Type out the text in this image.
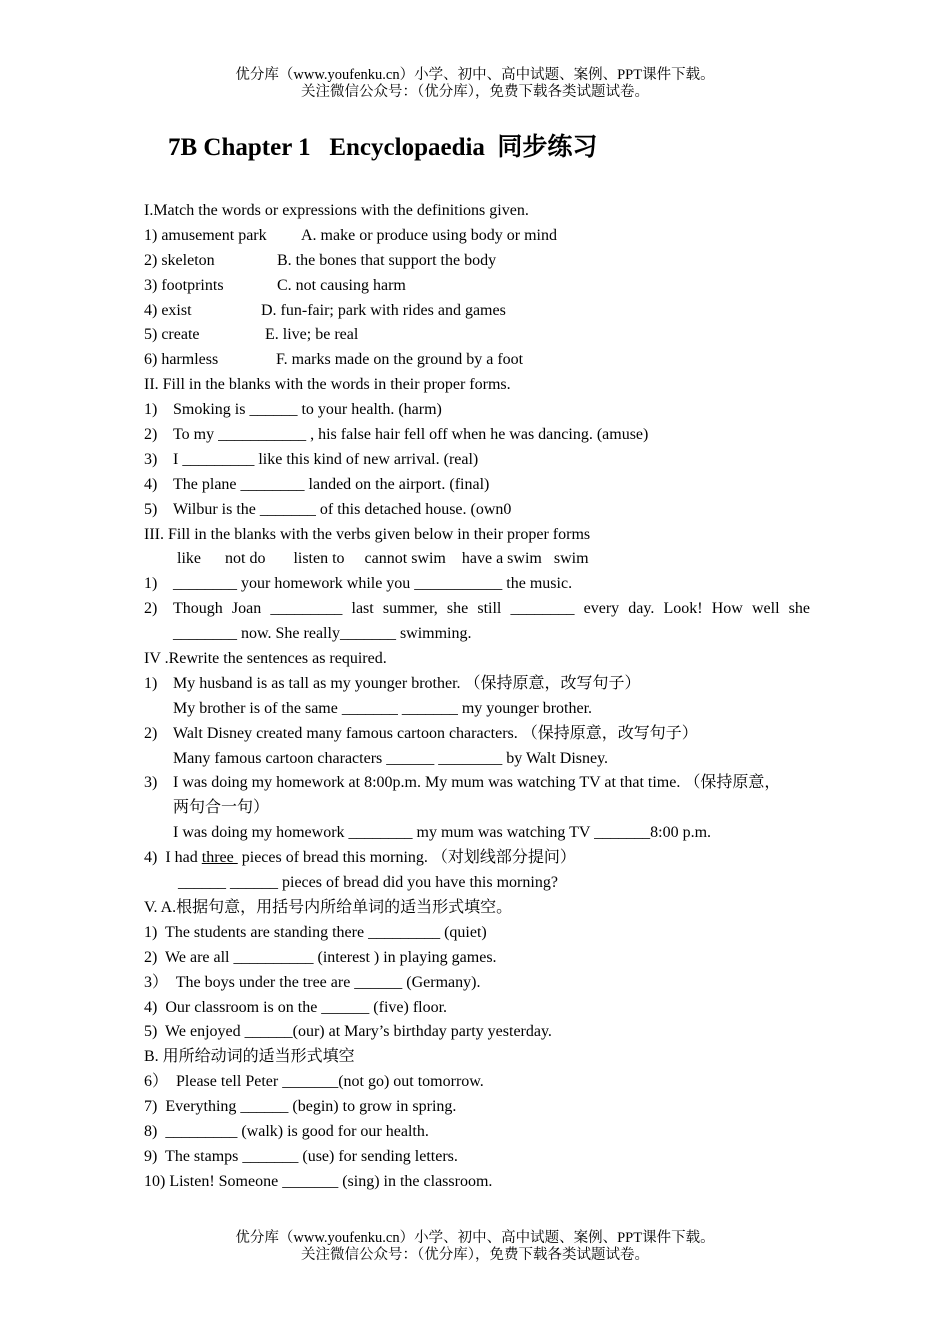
优分库（www.youfenku.cn）小学、初中、高中试题、案例、PPT课件下载。
关注微信公众号：（优分库），免费下载各类试题试卷。
7B Chapter 1   Encyclopaedia  同步练习
I.Match the words or expressions with the definitions given.
1) amusement park A. make or produce using body or mind
2) skeleton	B. the bones that support the body
3) footprints	C. not causing harm
4) exist	D. fun-fair; park with rides and games
5) create	E. live; be real
6) harmless	F. marks made on the ground by a foot
II. Fill in the blanks with the words in their proper forms.
1) Smoking is ______ to your health. (harm)
2) To my ___________ , his false hair fell off when he was dancing. (amuse)
3) I _________ like this kind of new arrival. (real)
4) The plane ________ landed on the airport. (final)
5) Wilbur is the _______ of this detached house. (own0
III. Fill in the blanks with the verbs given below in their proper forms
like      not do       listen to     cannot swim    have a swim   swim
1) ________ your homework while you ___________ the music.
2) Though Joan _________ last summer, she still ________ every day. Look! How well she
________ now. She really_______ swimming.
IV .Rewrite the sentences as required.
1) My husband is as tall as my younger brother. （保持原意，改写句子）
My brother is of the same _______ _______ my younger brother.
2) Walt Disney created many famous cartoon characters. （保持原意，改写句子）
Many famous cartoon characters ______ ________ by Walt Disney.
3) I was doing my homework at 8:00p.m. My mum was watching TV at that time. （保持原意，
两句合一句）
I was doing my homework ________ my mum was watching TV _______8:00 p.m.
4)  I had three  pieces of bread this morning. （对划线部分提问）
______ ______ pieces of bread did you have this morning?
V. A.根据句意，用括号内所给单词的适当形式填空。
1)  The students are standing there _________ (quiet)
2)  We are all __________ (interest ) in playing games.
3）  The boys under the tree are ______ (Germany).
4)  Our classroom is on the ______ (five) floor.
5)  We enjoyed ______(our) at Mary’s birthday party yesterday.
B. 用所给动词的适当形式填空
6）  Please tell Peter _______(not go) out tomorrow.
7)  Everything ______ (begin) to grow in spring.
8)  _________ (walk) is good for our health.
9)  The stamps _______ (use) for sending letters.
10) Listen! Someone _______ (sing) in the classroom.
优分库（www.youfenku.cn）小学、初中、高中试题、案例、PPT课件下载。
关注微信公众号：（优分库），免费下载各类试题试卷。
